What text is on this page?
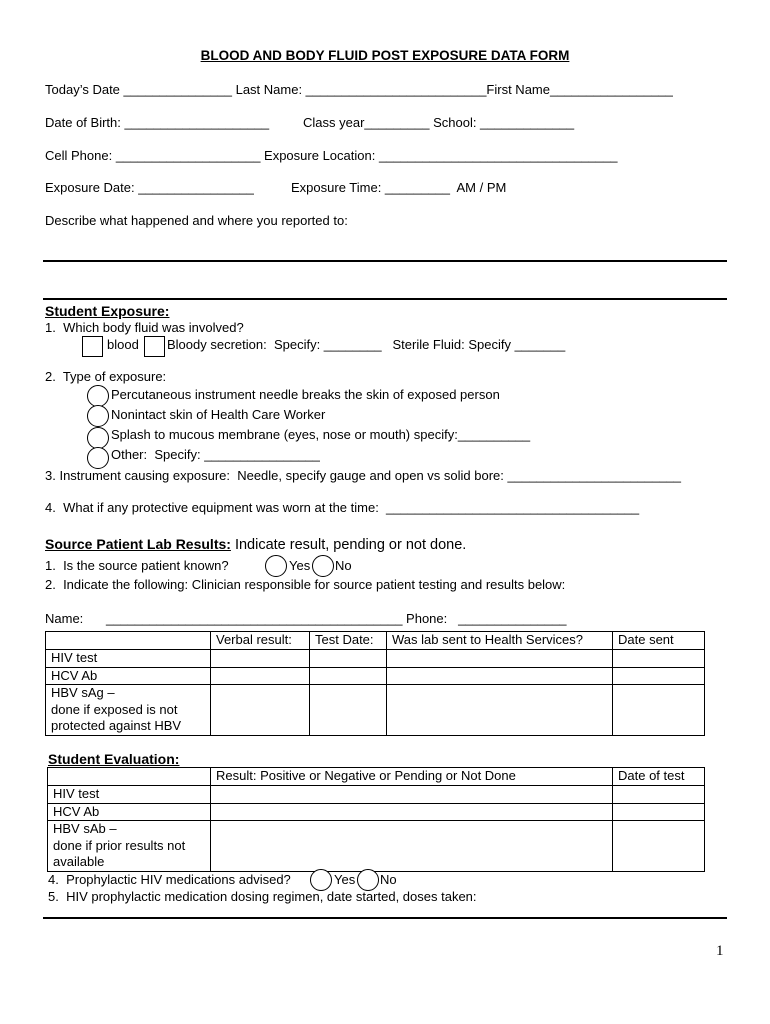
BLOOD AND BODY FLUID POST EXPOSURE DATA FORM
Today’s Date _______________ Last Name: _________________________First Name_________________
Date of Birth: ____________________	Class year_________ School: _____________
Cell Phone: ____________________ Exposure Location: _________________________________
Exposure Date: ________________	Exposure Time: _________  AM / PM
Describe what happened and where you reported to:
Student Exposure:
1.  Which body fluid was involved?
blood Bloody secretion:  Specify: ________   Sterile Fluid: Specify _______
2.  Type of exposure:
Percutaneous instrument needle breaks the skin of exposed person
Nonintact skin of Health Care Worker
Splash to mucous membrane (eyes, nose or mouth) specify:__________
Other:  Specify: ________________
3. Instrument causing exposure:  Needle, specify gauge and open vs solid bore: ________________________
4.  What if any protective equipment was worn at the time:  ___________________________________
Source Patient Lab Results: Indicate result, pending or not done.
1.  Is the source patient known?	Yes No
2.  Indicate the following: Clinician responsible for source patient testing and results below:
Name: _________________________________________ Phone:   _______________
	Verbal result:	Test Date:	Was lab sent to Health Services?	Date sent
HIV test				
HCV Ab				
HBV sAg –
done if exposed is not
protected against HBV				
Student Evaluation:
	Result: Positive or Negative or Pending or Not Done	Date of test
HIV test		
HCV Ab		
HBV sAb –
done if prior results not
available		
4.  Prophylactic HIV medications advised?	Yes No
5.  HIV prophylactic medication dosing regimen, date started, doses taken:
1
